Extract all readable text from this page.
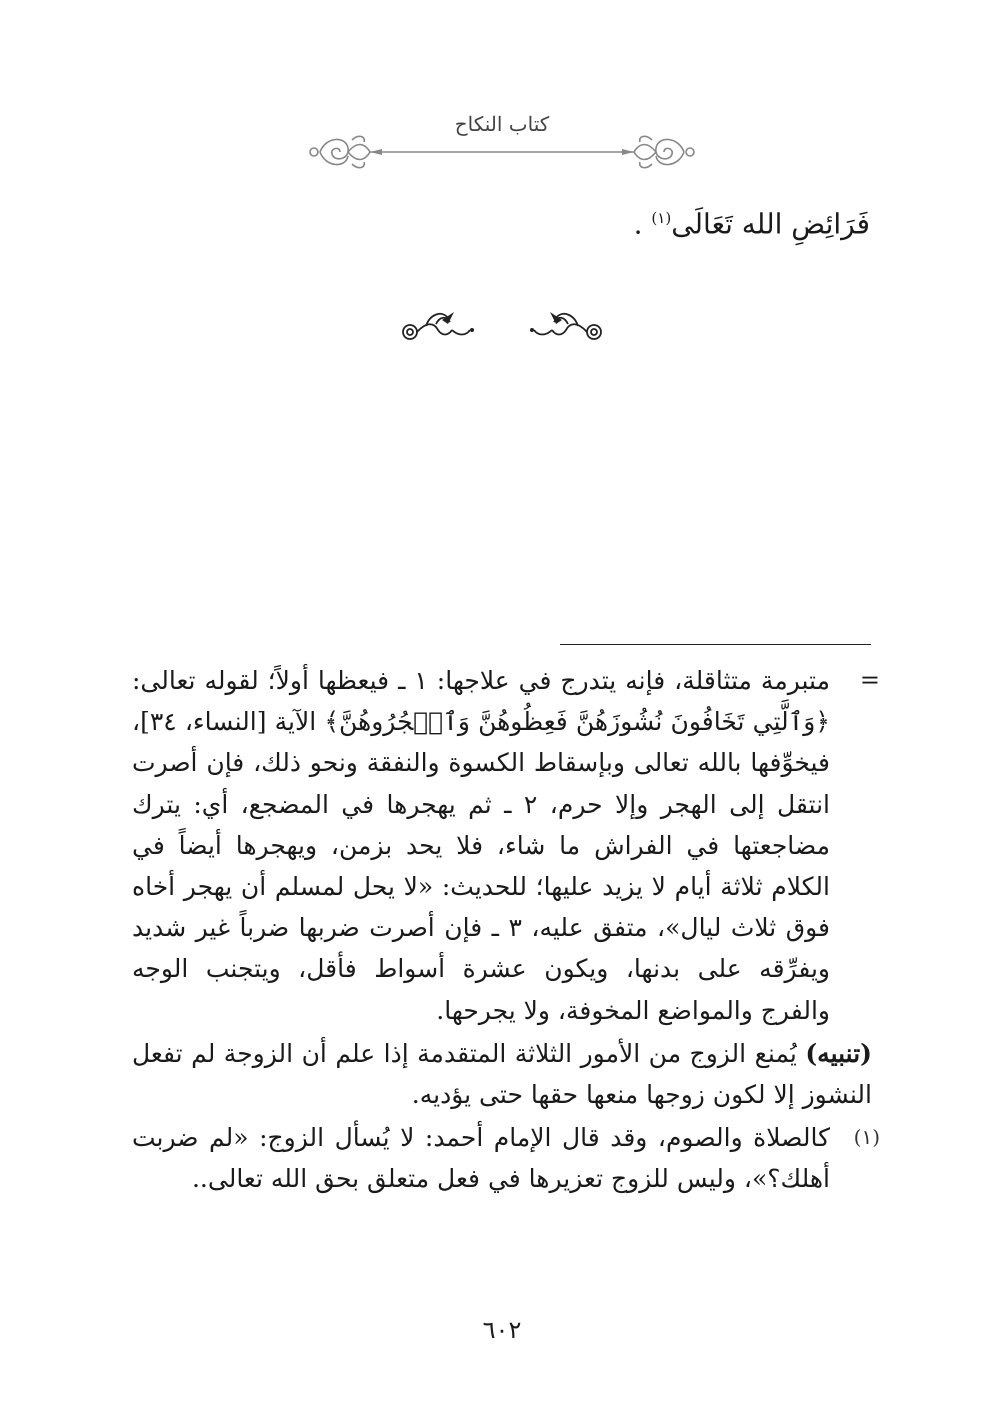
كتاب النكاح
فَرَائِضِ الله تَعَالَى$^{(١)}$ .

=
متبرمة متثاقلة، فإنه يتدرج في علاجها: ١ ـ فيعظها أولاً؛ لقوله تعالى: ﴿وَٱلَّتِي تَخَافُونَ نُشُوزَهُنَّ فَعِظُوهُنَّ وَٱهۡجُرُوهُنَّ﴾ الآية [النساء، ٣٤]، فيخوِّفها بالله تعالى وبإسقاط الكسوة والنفقة ونحو ذلك، فإن أصرت انتقل إلى الهجر وإلا حرم، ٢ ـ ثم يهجرها في المضجع، أي: يترك مضاجعتها في الفراش ما شاء، فلا يحد بزمن، ويهجرها أيضاً في الكلام ثلاثة أيام لا يزيد عليها؛ للحديث: «لا يحل لمسلم أن يهجر أخاه فوق ثلاث ليال»، متفق عليه، ٣ ـ فإن أصرت ضربها ضرباً غير شديد ويفرِّقه على بدنها، ويكون عشرة أسواط فأقل، ويتجنب الوجه والفرج والمواضع المخوفة، ولا يجرحها.

(تنبيه) يُمنع الزوج من الأمور الثلاثة المتقدمة إذا علم أن الزوجة لم تفعل النشوز إلا لكون زوجها منعها حقها حتى يؤديه.

(١)
كالصلاة والصوم، وقد قال الإمام أحمد: لا يُسأل الزوج: «لم ضربت أهلك؟»، وليس للزوج تعزيرها في فعل متعلق بحق الله تعالى..

٦٠٢
